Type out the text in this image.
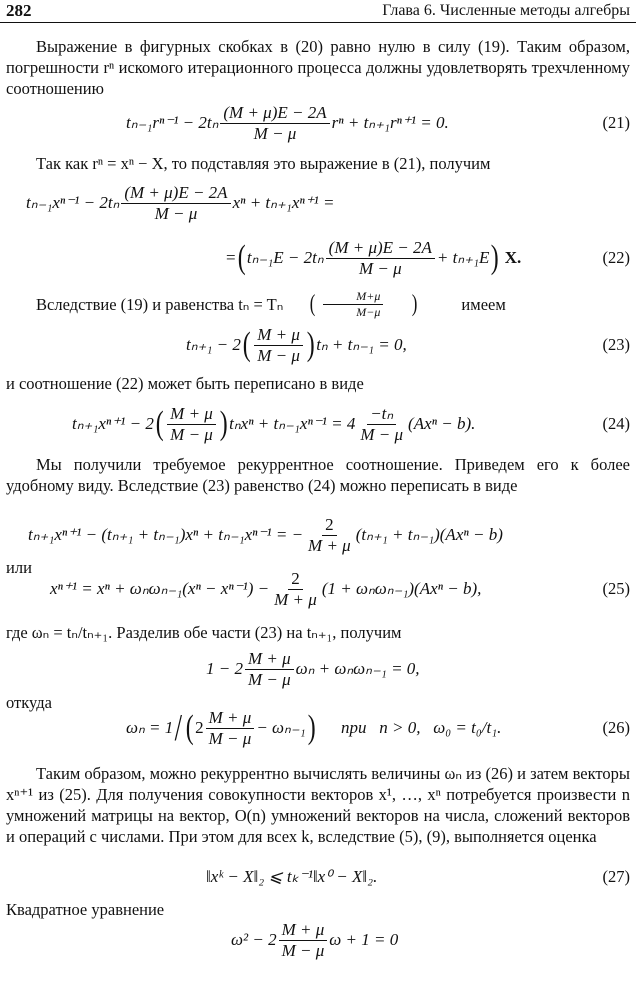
282	Глава 6. Численные методы алгебры
Выражение в фигурных скобках в (20) равно нулю в силу (19). Таким образом, погрешности rⁿ искомого итерационного процесса должны удовлетворять трехчленному соотношению
$t_{n-1}r^{n-1} - 2t_n \frac{(M + \mu)E - 2A}{M - \mu}$ rⁿ + tₙ₊₁rⁿ⁺¹ = 0.	(21)
Так как rⁿ = xⁿ − X, то подставляя это выражение в (21), получим
$t_{n-1}x^{n-1} - 2t_n \frac{(M + \mu)E - 2A}{M - \mu}$ xⁿ + tₙ₊₁xⁿ⁺¹ =
= ( $t_{n-1}E - 2t_n \frac{(M + \mu)E - 2A}{M - \mu} + t_{n+1}E$ ) X.	(22)
Вследствие (19) и равенства tₙ = Tₙ	( $\frac{M+\mu}{M-\mu}$	)	имеем
tₙ₊₁ − 2 ( $\frac{M + \mu}{M - \mu}$ ) tₙ + tₙ₋₁ = 0,	(23)
и соотношение (22) может быть переписано в виде
tₙ₊₁xⁿ⁺¹ − 2 ( $\frac{M + \mu}{M - \mu}$ ) $t_nx^n + t_{n-1}x^{n-1} = 4 \frac{\text{−tₙ}}{M - \mu} (Ax^n - b)$.	(24)
Мы получили требуемое рекуррентное соотношение. Приведем его к более удобному виду. Вследствие (23) равенство (24) можно переписать в виде
tₙ₊₁xⁿ⁺¹ − (tₙ₊₁ + tₙ₋₁)xⁿ + tₙ₋₁xⁿ⁻¹ = − $\frac{2}{M + \mu} (t_{n+1} + t_{n-1})(Ax^n - b)$
или
$x^{n+1} = x^n + \omega_n\omega_{n-1}(x^n - x^{n-1}) - \frac{2}{M + \mu} (1 + \omega_n\omega_{n-1})(Ax^n - b)$,	(25)
где ωₙ = tₙ/tₙ₊₁. Разделив обе части (23) на tₙ₊₁, получим
$1 - 2 \frac{M + \mu}{M - \mu}$ ωₙ + ωₙωₙ₋₁ = 0,
откуда
ωₙ = 1 / ( $2 \frac{M + \mu}{M - \mu} - \omega_{n-1}$ ) при   n > 0,   ω₀ = t₀/t₁.	(26)
Таким образом, можно рекуррентно вычислять величины ωₙ из (26) и затем векторы xⁿ⁺¹ из (25). Для получения совокупности векторов x¹, …, xⁿ потребуется произвести n умножений матрицы на вектор, O(n) умножений векторов на числа, сложений векторов и операций с числами. При этом для всех k, вследствие (5), (9), выполняется оценка
‖xᵏ − X‖₂ ⩽ tₖ⁻¹‖x⁰ − X‖₂.	(27)
Квадратное уравнение
$\omega^2 - 2 \frac{M + \mu}{M - \mu}$ ω + 1 = 0
